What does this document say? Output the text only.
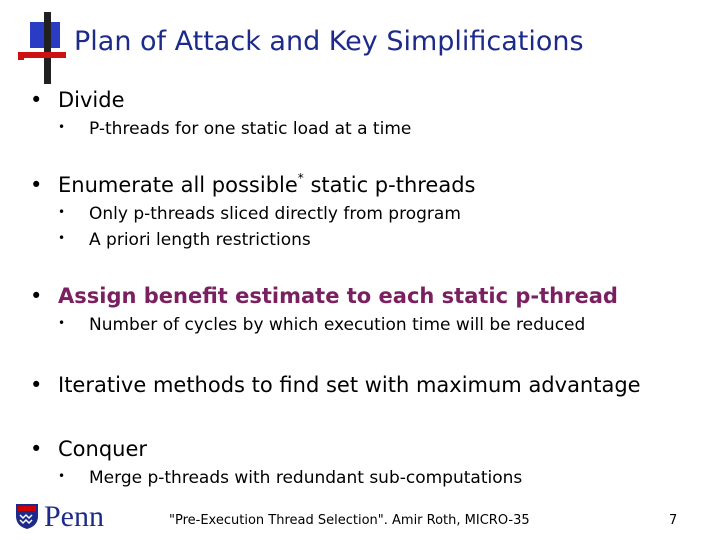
Plan of Attack and Key Simplifications
• Divide
• P-threads for one static load at a time
• Enumerate all possible* static p-threads
• Only p-threads sliced directly from program
• A priori length restrictions
• Assign benefit estimate to each static p-thread
• Number of cycles by which execution time will be reduced
• Iterative methods to find set with maximum advantage
• Conquer
• Merge p-threads with redundant sub-computations
Penn	"Pre-Execution Thread Selection". Amir Roth, MICRO-35	7
